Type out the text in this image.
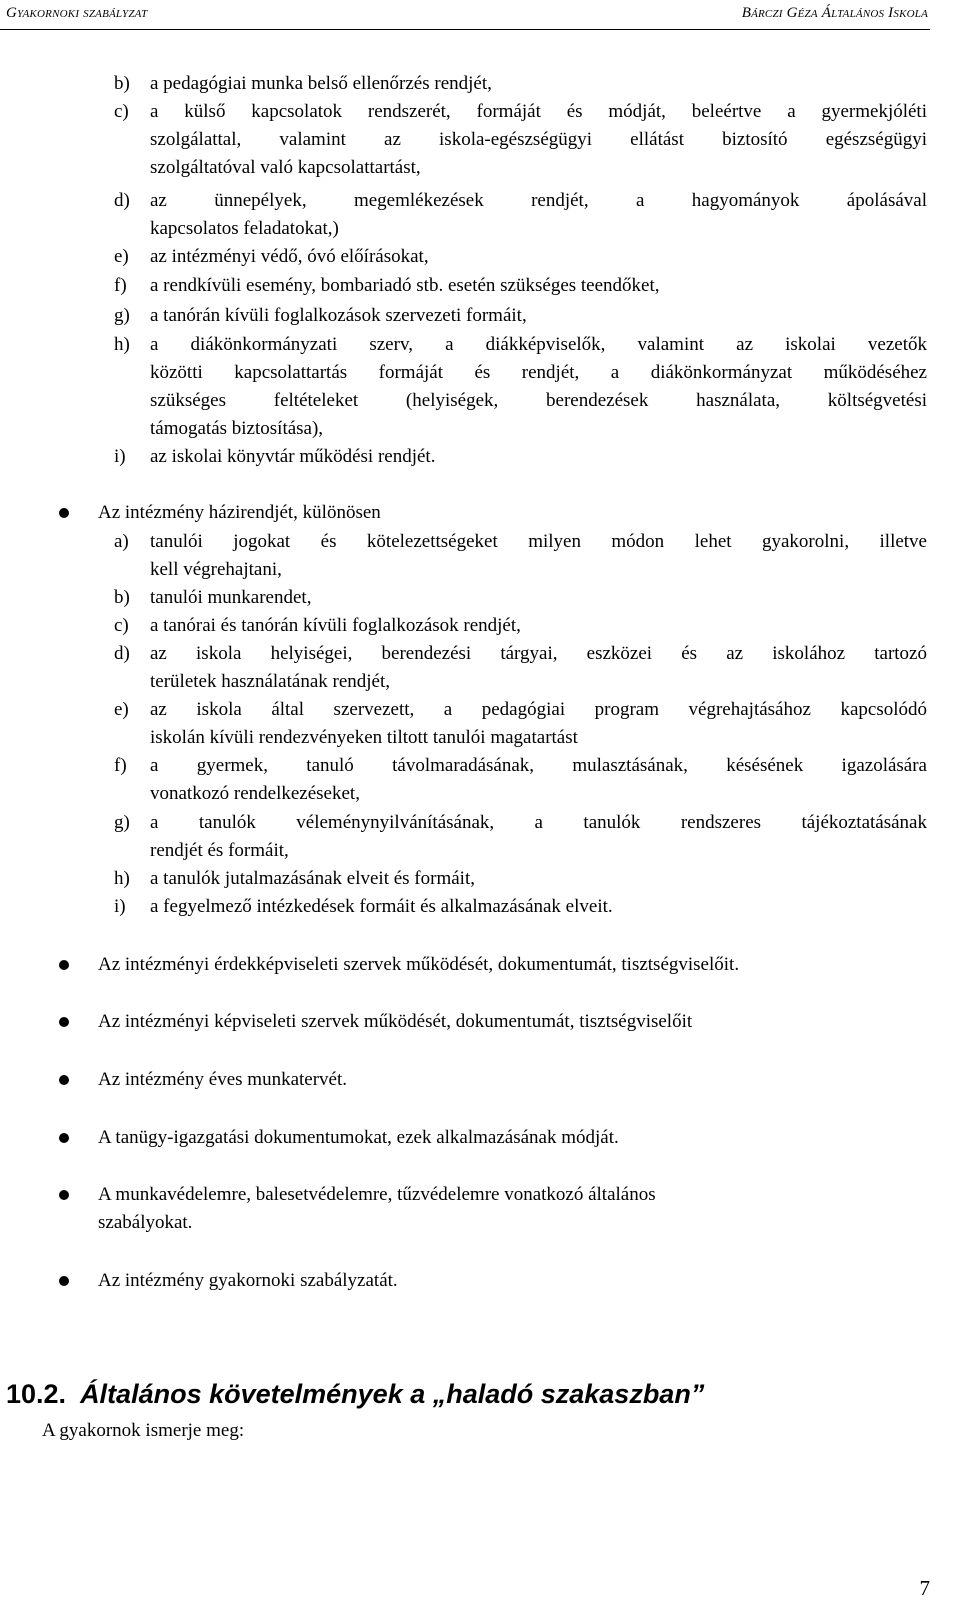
Gyakornoki szabályzat	Bárczi Géza Általános Iskola
b) a pedagógiai munka belső ellenőrzés rendjét,
c) a külső kapcsolatok rendszerét, formáját és módját, beleértve a gyermekjóléti
szolgálattal, valamint az iskola-egészségügyi ellátást biztosító egészségügyi
szolgáltatóval való kapcsolattartást,
d) az ünnepélyek, megemlékezések rendjét, a hagyományok ápolásával
kapcsolatos feladatokat,)
e) az intézményi védő, óvó előírásokat,
f) a rendkívüli esemény, bombariadó stb. esetén szükséges teendőket,
g) a tanórán kívüli foglalkozások szervezeti formáit,
h) a diákönkormányzati szerv, a diákképviselők, valamint az iskolai vezetők
közötti kapcsolattartás formáját és rendjét, a diákönkormányzat működéséhez
szükséges feltételeket (helyiségek, berendezések használata, költségvetési
támogatás biztosítása),
i) az iskolai könyvtár működési rendjét.
Az intézmény házirendjét, különösen
a) tanulói jogokat és kötelezettségeket milyen módon lehet gyakorolni, illetve
kell végrehajtani,
b) tanulói munkarendet,
c) a tanórai és tanórán kívüli foglalkozások rendjét,
d) az iskola helyiségei, berendezési tárgyai, eszközei és az iskolához tartozó
területek használatának rendjét,
e) az iskola által szervezett, a pedagógiai program végrehajtásához kapcsolódó
iskolán kívüli rendezvényeken tiltott tanulói magatartást
f) a gyermek, tanuló távolmaradásának, mulasztásának, késésének igazolására
vonatkozó rendelkezéseket,
g) a tanulók véleménynyilvánításának, a tanulók rendszeres tájékoztatásának
rendjét és formáit,
h) a tanulók jutalmazásának elveit és formáit,
i) a fegyelmező intézkedések formáit és alkalmazásának elveit.
Az intézményi érdekképviseleti szervek működését, dokumentumát, tisztségviselőit.
Az intézményi képviseleti szervek működését, dokumentumát, tisztségviselőit
Az intézmény éves munkatervét.
A tanügy-igazgatási dokumentumokat, ezek alkalmazásának módját.
A munkavédelemre, balesetvédelemre, tűzvédelemre vonatkozó általános
szabályokat.
Az intézmény gyakornoki szabályzatát.
10.2. Általános követelmények a „haladó szakaszban”
A gyakornok ismerje meg:
7
